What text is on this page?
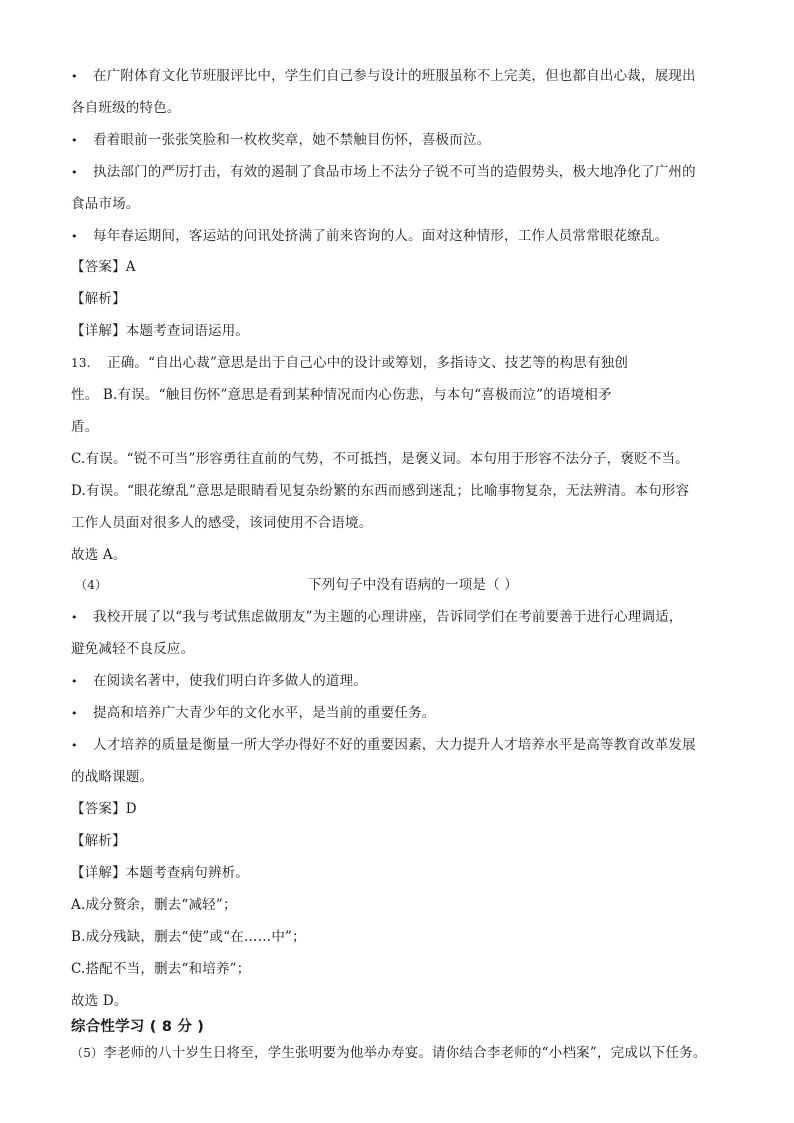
• 在广附体育文化节班服评比中，学生们自己参与设计的班服虽称不上完美，但也都自出心裁，展现出
各自班级的特色。
• 看着眼前一张张笑脸和一枚枚奖章，她不禁触目伤怀，喜极而泣。
• 执法部门的严厉打击，有效的遏制了食品市场上不法分子锐不可当的造假势头，极大地净化了广州的
食品市场。
• 每年春运期间，客运站的问讯处挤满了前来咨询的人。面对这种情形，工作人员常常眼花缭乱。
【答案】A
【解析】
【详解】本题考查词语运用。
13. 正确。“自出心裁”意思是出于自己心中的设计或筹划，多指诗文、技艺等的构思有独创
性。 B.有误。“触目伤怀”意思是看到某种情况而内心伤悲，与本句“喜极而泣”的语境相矛
盾。
C.有误。“锐不可当”形容勇往直前的气势，不可抵挡，是褒义词。本句用于形容不法分子，褒贬不当。
D.有误。“眼花缭乱”意思是眼睛看见复杂纷繁的东西而感到迷乱；比喻事物复杂，无法辨清。本句形容
工作人员面对很多人的感受，该词使用不合语境。
故选 A。
（4）	下列句子中没有语病的一项是（ ）
• 我校开展了以“我与考试焦虑做朋友”为主题的心理讲座，告诉同学们在考前要善于进行心理调适，
避免减轻不良反应。
• 在阅读名著中，使我们明白许多做人的道理。
• 提高和培养广大青少年的文化水平，是当前的重要任务。
• 人才培养的质量是衡量一所大学办得好不好的重要因素，大力提升人才培养水平是高等教育改革发展
的战略课题。
【答案】D
【解析】
【详解】本题考查病句辨析。
A.成分赘余，删去“减轻”；
B.成分残缺，删去“使”或“在……中”；
C.搭配不当，删去“和培养”；
故选 D。
综合性学习 ( 8 分 )
（5）李老师的八十岁生日将至，学生张明要为他举办寿宴。请你结合李老师的“小档案”，完成以下任务。
